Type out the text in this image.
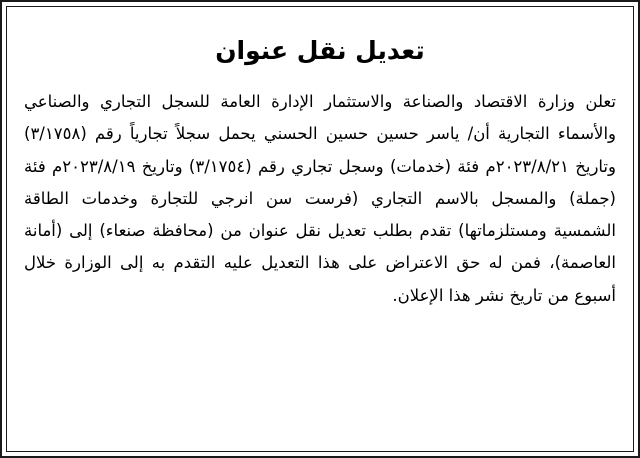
تعديل نقل عنوان
تعلن وزارة الاقتصاد والصناعة والاستثمار الإدارة العامة للسجل التجاري والصناعي والأسماء التجارية أن/ ياسر حسين حسين الحسني يحمل سجلاً تجارياً رقم (٣/١٧٥٨) وتاريخ ٢٠٢٣/٨/٢١م فئة (خدمات) وسجل تجاري رقم (٣/١٧٥٤) وتاريخ ٢٠٢٣/٨/١٩م فئة (جملة) والمسجل بالاسم التجاري (فرست سن انرجي للتجارة وخدمات الطاقة الشمسية ومستلزماتها) تقدم بطلب تعديل نقل عنوان من (محافظة صنعاء) إلى (أمانة العاصمة)، فمن له حق الاعتراض على هذا التعديل عليه التقدم به إلى الوزارة خلال أسبوع من تاريخ نشر هذا الإعلان.
